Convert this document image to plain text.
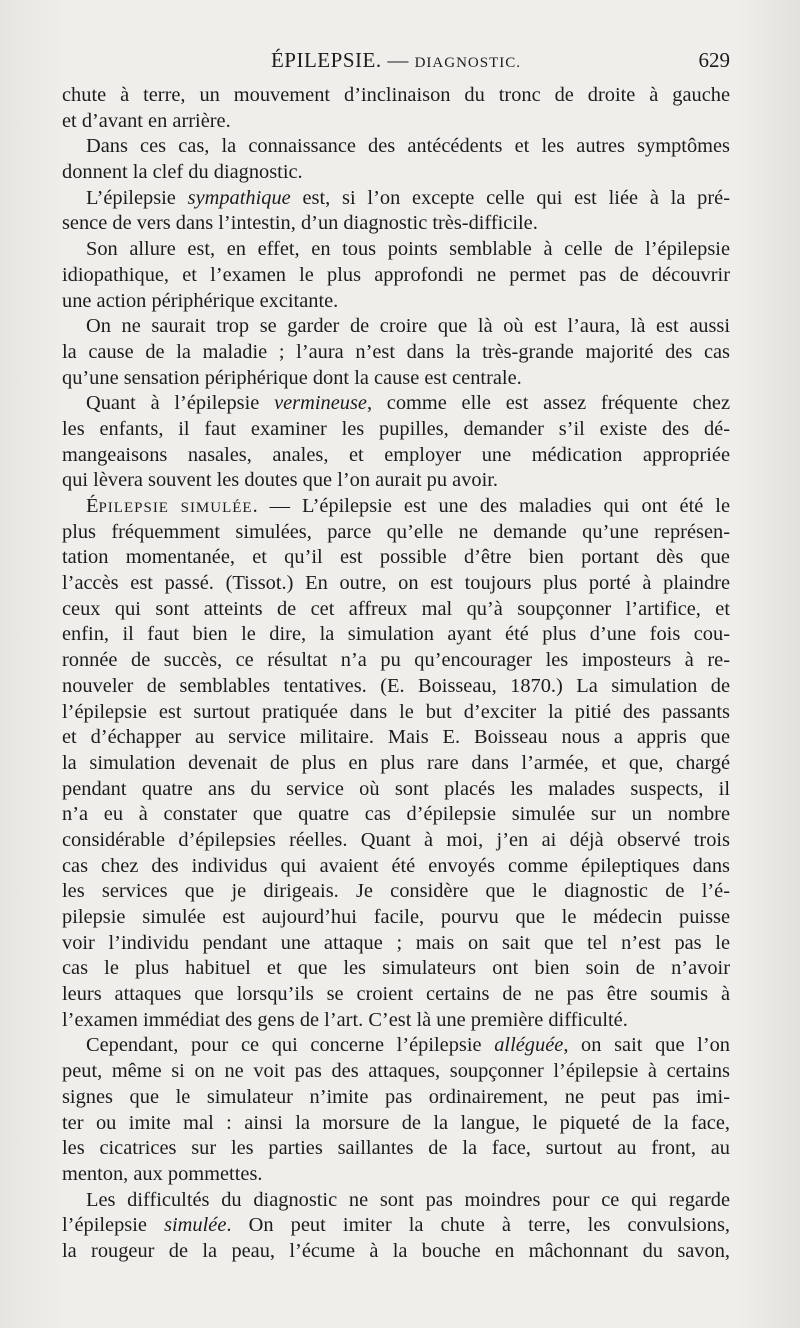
ÉPILEPSIE. — DIAGNOSTIC.	629
chute à terre, un mouvement d’inclinaison du tronc de droite à gauche
et d’avant en arrière.
Dans ces cas, la connaissance des antécédents et les autres symptômes
donnent la clef du diagnostic.
L’épilepsie sympathique est, si l’on excepte celle qui est liée à la pré-
sence de vers dans l’intestin, d’un diagnostic très-difficile.
Son allure est, en effet, en tous points semblable à celle de l’épilepsie
idiopathique, et l’examen le plus approfondi ne permet pas de découvrir
une action périphérique excitante.
On ne saurait trop se garder de croire que là où est l’aura, là est aussi
la cause de la maladie ; l’aura n’est dans la très-grande majorité des cas
qu’une sensation périphérique dont la cause est centrale.
Quant à l’épilepsie vermineuse, comme elle est assez fréquente chez
les enfants, il faut examiner les pupilles, demander s’il existe des dé-
mangeaisons nasales, anales, et employer une médication appropriée
qui lèvera souvent les doutes que l’on aurait pu avoir.
ÉPILEPSIE SIMULÉE. — L’épilepsie est une des maladies qui ont été le
plus fréquemment simulées, parce qu’elle ne demande qu’une représen-
tation momentanée, et qu’il est possible d’être bien portant dès que
l’accès est passé. (Tissot.) En outre, on est toujours plus porté à plaindre
ceux qui sont atteints de cet affreux mal qu’à soupçonner l’artifice, et
enfin, il faut bien le dire, la simulation ayant été plus d’une fois cou-
ronnée de succès, ce résultat n’a pu qu’encourager les imposteurs à re-
nouveler de semblables tentatives. (E. Boisseau, 1870.) La simulation de
l’épilepsie est surtout pratiquée dans le but d’exciter la pitié des passants
et d’échapper au service militaire. Mais E. Boisseau nous a appris que
la simulation devenait de plus en plus rare dans l’armée, et que, chargé
pendant quatre ans du service où sont placés les malades suspects, il
n’a eu à constater que quatre cas d’épilepsie simulée sur un nombre
considérable d’épilepsies réelles. Quant à moi, j’en ai déjà observé trois
cas chez des individus qui avaient été envoyés comme épileptiques dans
les services que je dirigeais. Je considère que le diagnostic de l’é-
pilepsie simulée est aujourd’hui facile, pourvu que le médecin puisse
voir l’individu pendant une attaque ; mais on sait que tel n’est pas le
cas le plus habituel et que les simulateurs ont bien soin de n’avoir
leurs attaques que lorsqu’ils se croient certains de ne pas être soumis à
l’examen immédiat des gens de l’art. C’est là une première difficulté.
Cependant, pour ce qui concerne l’épilepsie alléguée, on sait que l’on
peut, même si on ne voit pas des attaques, soupçonner l’épilepsie à certains
signes que le simulateur n’imite pas ordinairement, ne peut pas imi-
ter ou imite mal : ainsi la morsure de la langue, le piqueté de la face,
les cicatrices sur les parties saillantes de la face, surtout au front, au
menton, aux pommettes.
Les difficultés du diagnostic ne sont pas moindres pour ce qui regarde
l’épilepsie simulée. On peut imiter la chute à terre, les convulsions,
la rougeur de la peau, l’écume à la bouche en mâchonnant du savon,
